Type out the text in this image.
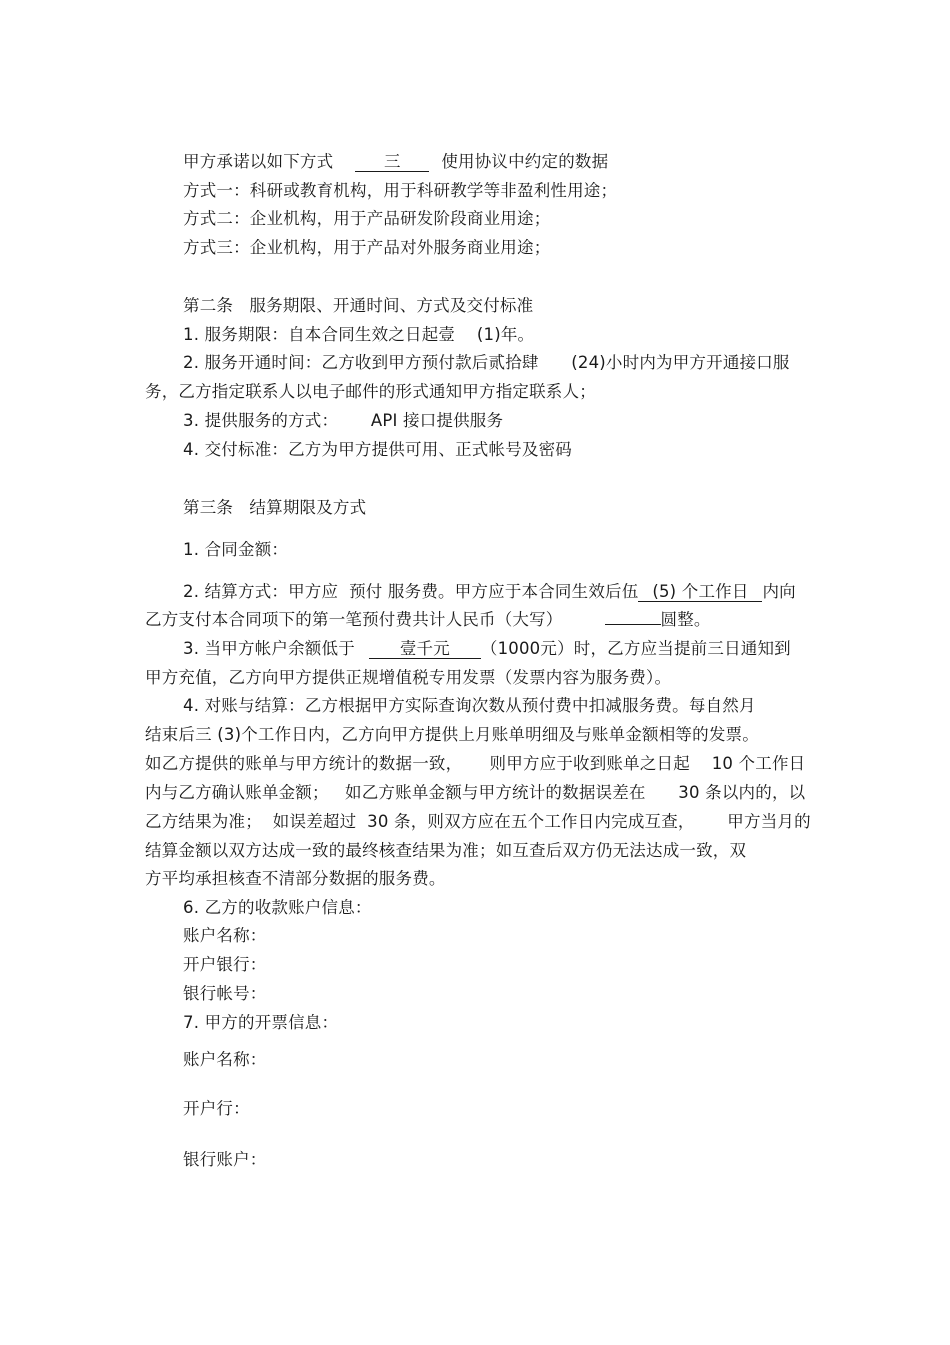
甲方承诺以如下方式	三 使用协议中约定的数据
方式一：科研或教育机构，用于科研教学等非盈利性用途；
方式二：企业机构，用于产品研发阶段商业用途；
方式三：企业机构，用于产品对外服务商业用途；
第二条   服务期限、开通时间、方式及交付标准
1. 服务期限：自本合同生效之日起壹    (1)年。
2. 服务开通时间：乙方收到甲方预付款后贰拾肆      (24)小时内为甲方开通接口服
务，乙方指定联系人以电子邮件的形式通知甲方指定联系人；
3. 提供服务的方式：      API 接口提供服务
4. 交付标准：乙方为甲方提供可用、正式帐号及密码
第三条   结算期限及方式
1. 合同金额：
2. 结算方式：甲方应  预付 服务费。甲方应于本合同生效后伍 (5) 个工作日 内向
乙方支付本合同项下的第一笔预付费共计人民币（大写）	圆整。
3. 当甲方帐户余额低于	壹千元 （1000元）时，乙方应当提前三日通知到
甲方充值，乙方向甲方提供正规增值税专用发票（发票内容为服务费）。
4. 对账与结算：乙方根据甲方实际查询次数从预付费中扣减服务费。每自然月
结束后三 (3)个工作日内，乙方向甲方提供上月账单明细及与账单金额相等的发票。
如乙方提供的账单与甲方统计的数据一致，     则甲方应于收到账单之日起    10 个工作日
内与乙方确认账单金额；   如乙方账单金额与甲方统计的数据误差在      30 条以内的，以
乙方结果为准；  如误差超过  30 条，则双方应在五个工作日内完成互查，      甲方当月的
结算金额以双方达成一致的最终核查结果为准；如互查后双方仍无法达成一致，双
方平均承担核查不清部分数据的服务费。
6. 乙方的收款账户信息：
账户名称：
开户银行：
银行帐号：
7. 甲方的开票信息：
账户名称：
开户行：
银行账户：
